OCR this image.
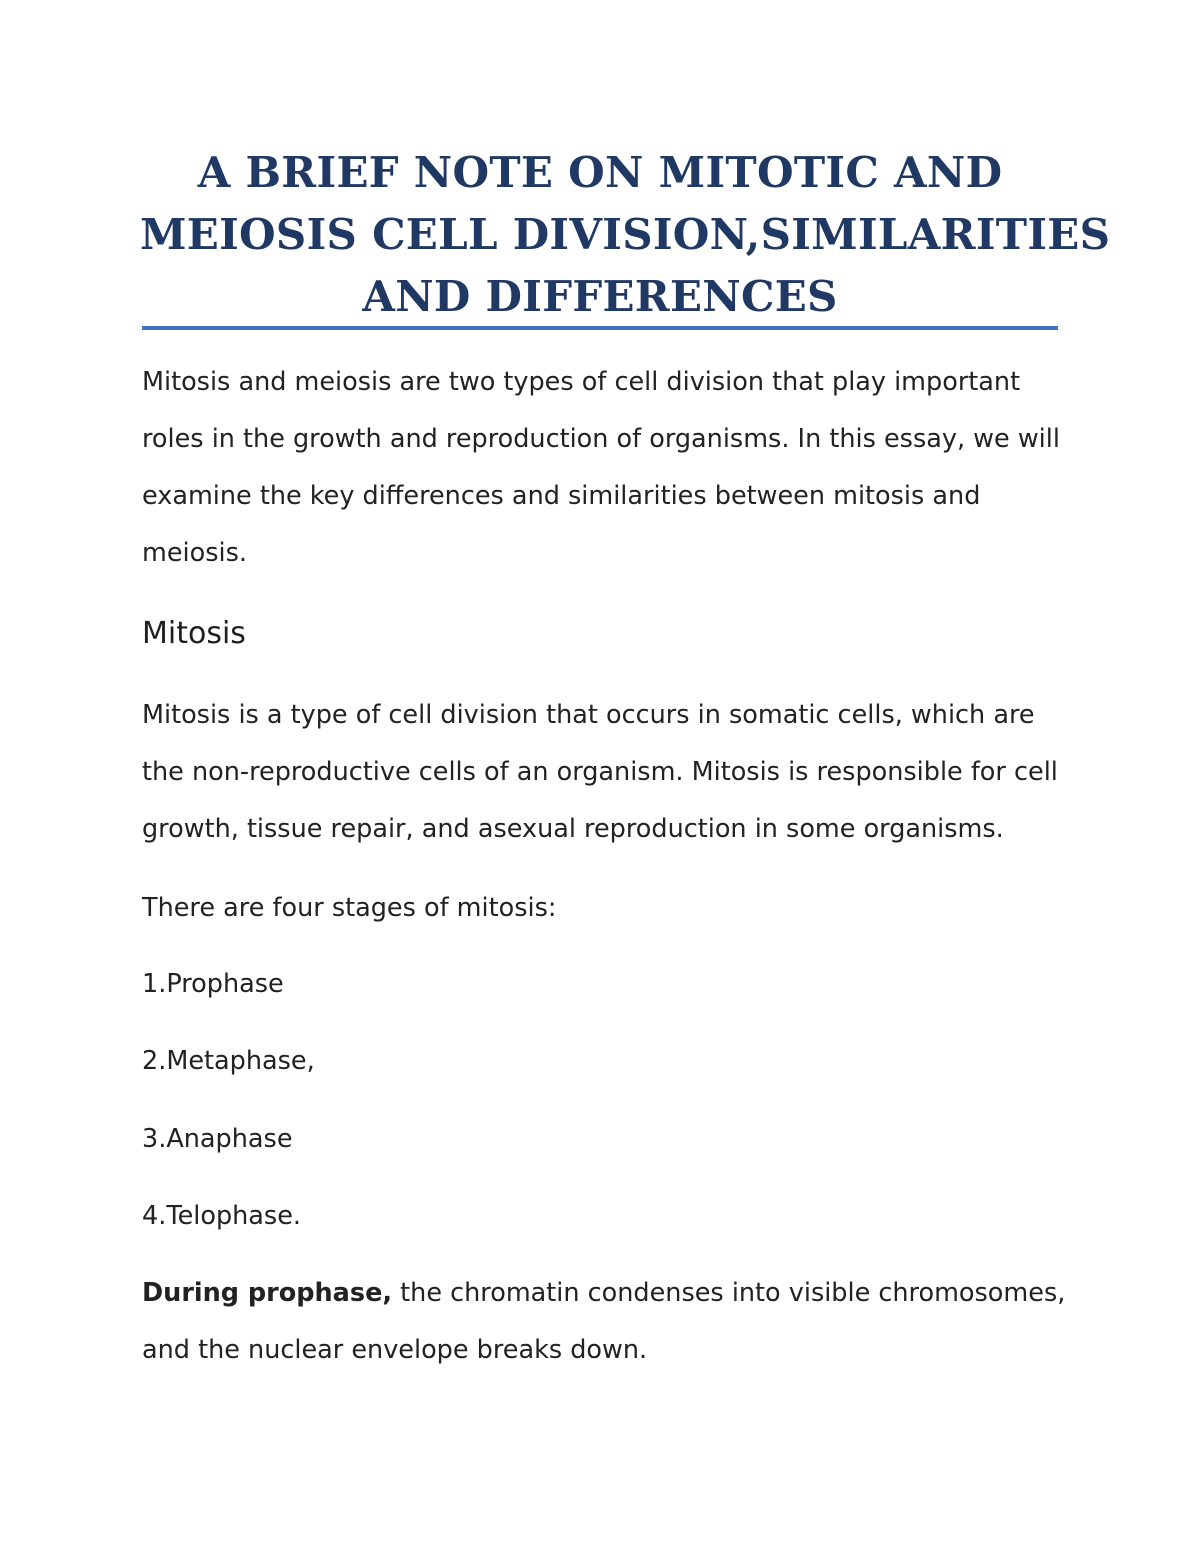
A BRIEF NOTE ON MITOTIC AND
MEIOSIS CELL DIVISION,SIMILARITIES
AND DIFFERENCES

Mitosis and meiosis are two types of cell division that play important
roles in the growth and reproduction of organisms. In this essay, we will
examine the key differences and similarities between mitosis and
meiosis.

Mitosis

Mitosis is a type of cell division that occurs in somatic cells, which are
the non-reproductive cells of an organism. Mitosis is responsible for cell
growth, tissue repair, and asexual reproduction in some organisms.

There are four stages of mitosis:

1.Prophase

2.Metaphase,

3.Anaphase

4.Telophase.

During prophase, the chromatin condenses into visible chromosomes,
and the nuclear envelope breaks down.
